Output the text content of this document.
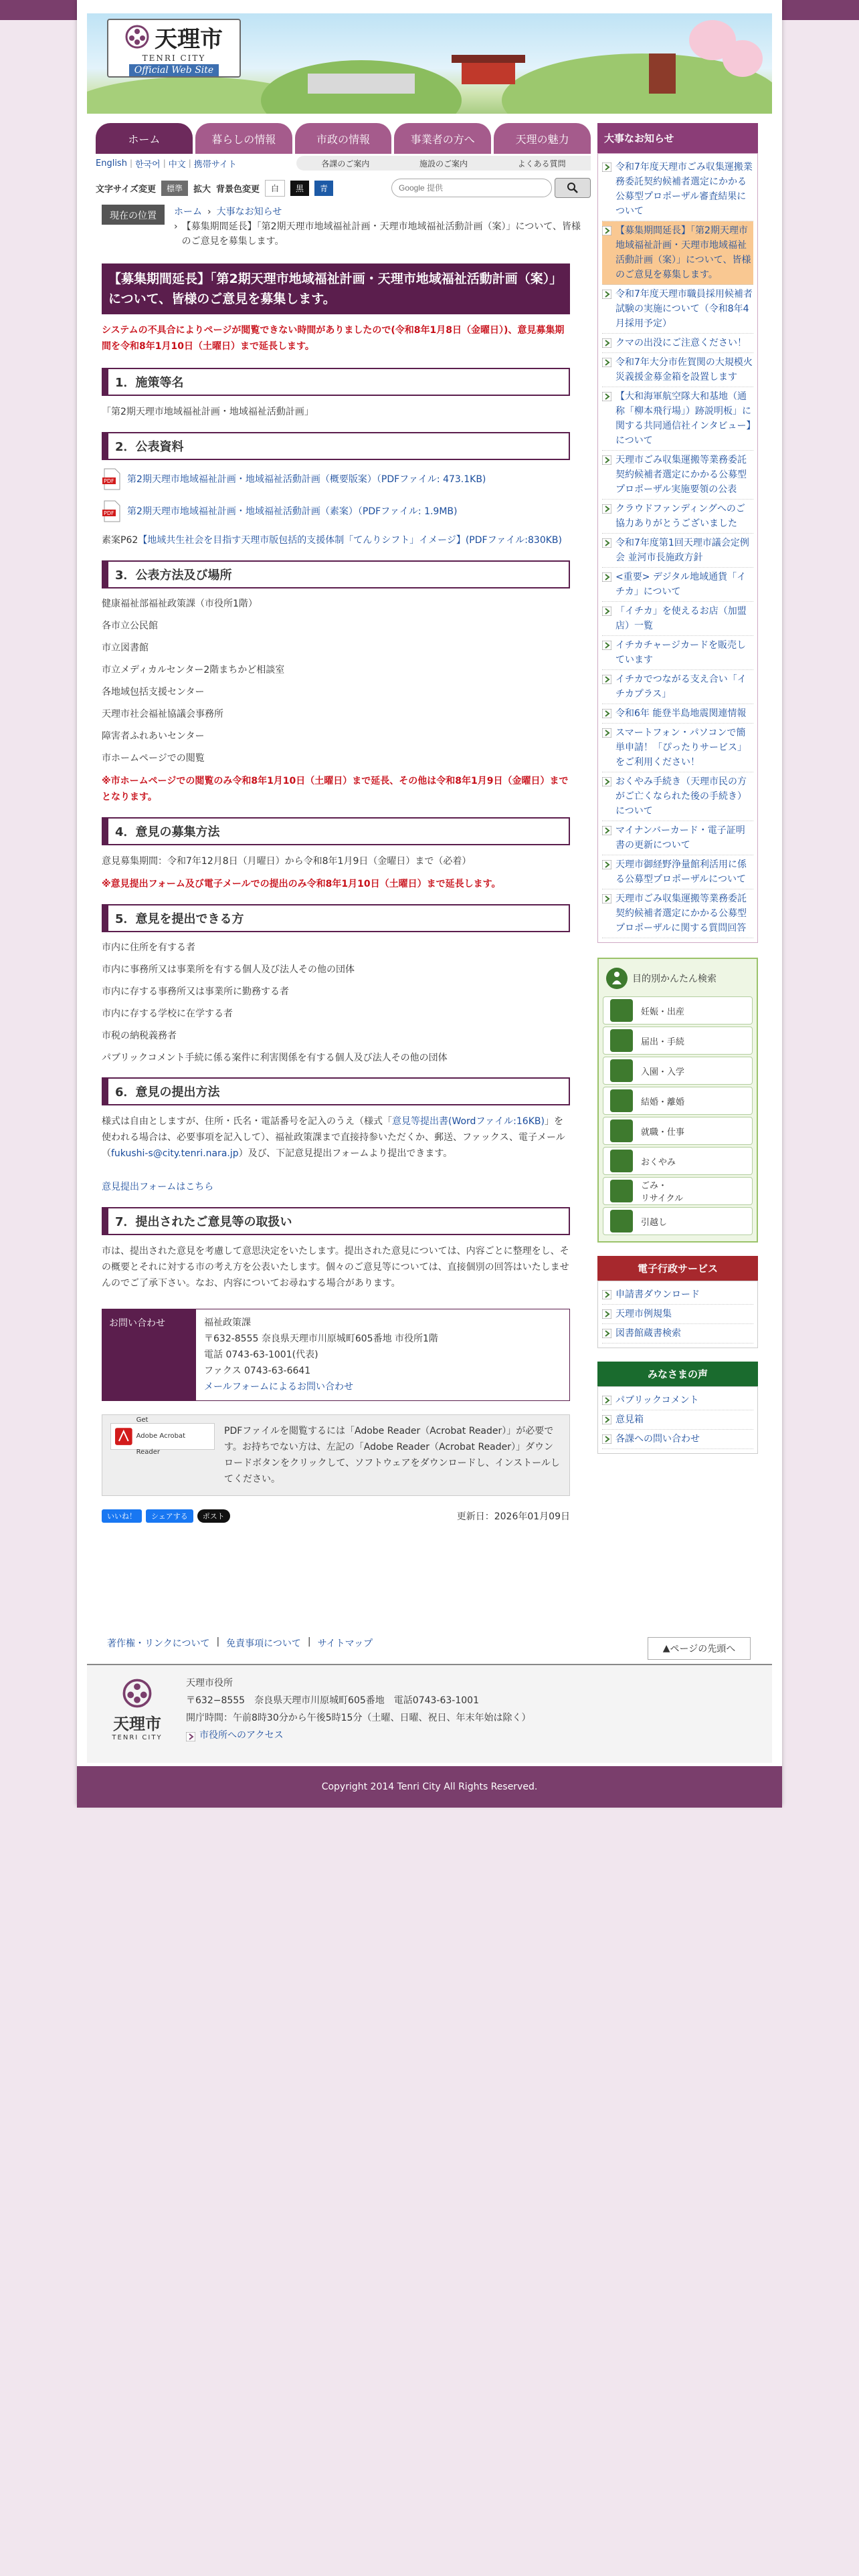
天理市
TENRI CITY
Official Web Site
ホーム	暮らしの情報	市政の情報	事業者の方へ	天理の魅力
English | 한국어 | 中文 | 携帯サイト	各課のご案内	施設のご案内	よくある質問
文字サイズ変更	標準	拡大 背景色変更	白	黒	青
Google 提供
現在の位置	ホーム › 大事なお知らせ
› 【募集期間延長】「第2期天理市地域福祉計画・天理市地域福祉活動計画（案）」について、皆様のご意見を募集します。
【募集期間延長】「第2期天理市地域福祉計画・天理市地域福祉活動計画（案）」について、皆様のご意見を募集します。
システムの不具合によりページが閲覧できない時間がありましたので(令和8年1月8日（金曜日）)、意見募集期間を令和8年1月10日（土曜日）まで延長します。
1．施策等名
「第2期天理市地域福祉計画・地域福祉活動計画」
2．公表資料
PDF 第2期天理市地域福祉計画・地域福祉活動計画（概要版案）（PDFファイル: 473.1KB)
PDF 第2期天理市地域福祉計画・地域福祉活動計画（素案）（PDFファイル: 1.9MB)
素案P62【地域共生社会を目指す天理市版包括的支援体制「てんりシフト」イメージ】(PDFファイル:830KB)
3．公表方法及び場所
健康福祉部福祉政策課（市役所1階）
各市立公民館
市立図書館
市立メディカルセンター2階まちかど相談室
各地域包括支援センター
天理市社会福祉協議会事務所
障害者ふれあいセンター
市ホームページでの閲覧
※市ホームページでの閲覧のみ令和8年1月10日（土曜日）まで延長、その他は令和8年1月9日（金曜日）までとなります。
4．意見の募集方法
意見募集期間：令和7年12月8日（月曜日）から令和8年1月9日（金曜日）まで（必着）
※意見提出フォーム及び電子メールでの提出のみ令和8年1月10日（土曜日）まで延長します。
5．意見を提出できる方
市内に住所を有する者
市内に事務所又は事業所を有する個人及び法人その他の団体
市内に存する事務所又は事業所に勤務する者
市内に存する学校に在学する者
市税の納税義務者
パブリックコメント手続に係る案件に利害関係を有する個人及び法人その他の団体
6．意見の提出方法
様式は自由としますが、住所・氏名・電話番号を記入のうえ（様式「意見等提出書(Wordファイル:16KB)」を使われる場合は、必要事項を記入して）、福祉政策課まで直接持参いただくか、郵送、ファックス、電子メール（fukushi-s@city.tenri.nara.jp）及び、下記意見提出フォームより提出できます。
意見提出フォームはこちら
7．提出されたご意見等の取扱い
市は、提出された意見を考慮して意思決定をいたします。提出された意見については、内容ごとに整理をし、その概要とそれに対する市の考え方を公表いたします。個々のご意見等については、直接個別の回答はいたしませんのでご了承下さい。なお、内容についてお尋ねする場合があります。
お問い合わせ	福祉政策課
〒632-8555 奈良県天理市川原城町605番地 市役所1階
電話 0743-63-1001(代表)
ファクス 0743-63-6641
メールフォームによるお問い合わせ
Get
Adobe Acrobat Reader
PDFファイルを閲覧するには「Adobe Reader（Acrobat Reader）」が必要です。お持ちでない方は、左記の「Adobe Reader（Acrobat Reader）」ダウンロードボタンをクリックして、ソフトウェアをダウンロードし、インストールしてください。
いいね！	シェアする	ポスト	更新日：2026年01月09日
大事なお知らせ
令和7年度天理市ごみ収集運搬業務委託契約候補者選定にかかる公募型プロポーザル審査結果について
【募集期間延長】「第2期天理市地域福祉計画・天理市地域福祉活動計画（案）」について、皆様のご意見を募集します。
令和7年度天理市職員採用候補者試験の実施について（令和8年4月採用予定）
クマの出没にご注意ください！
令和7年大分市佐賀関の大規模火災義援金募金箱を設置します
【大和海軍航空隊大和基地（通称「柳本飛行場」）跡説明板」に関する共同通信社インタビュー】について
天理市ごみ収集運搬等業務委託契約候補者選定にかかる公募型プロポーザル実施要領の公表
クラウドファンディングへのご協力ありがとうございました
令和7年度第1回天理市議会定例会 並河市長施政方針
<重要> デジタル地域通貨「イチカ」について
「イチカ」を使えるお店（加盟店）一覧
イチカチャージカードを販売しています
イチカでつながる支え合い「イチカプラス」
令和6年 能登半島地震関連情報
スマートフォン・パソコンで簡単申請！「ぴったりサービス」をご利用ください！
おくやみ手続き（天理市民の方がご亡くなられた後の手続き）について
マイナンバーカード・電子証明書の更新について
天理市御経野浄量館利活用に係る公募型プロポーザルについて
天理市ごみ収集運搬等業務委託契約候補者選定にかかる公募型プロポーザルに関する質問回答
目的別かんたん検索
妊娠・出産
届出・手続
入園・入学
結婚・離婚
就職・仕事
おくやみ
ごみ・
リサイクル
引越し
電子行政サービス
申請書ダウンロード
天理市例規集
図書館蔵書検索
みなさまの声
パブリックコメント
意見箱
各課への問い合わせ
著作権・リンクについて | 免責事項について | サイトマップ	▲ ページの先頭へ
天理市
TENRI CITY
天理市役所
〒632−8555　奈良県天理市川原城町605番地　電話0743-63-1001
開庁時間：午前8時30分から午後5時15分（土曜、日曜、祝日、年末年始は除く）
市役所へのアクセス
Copyright 2014 Tenri City All Rights Reserved.
